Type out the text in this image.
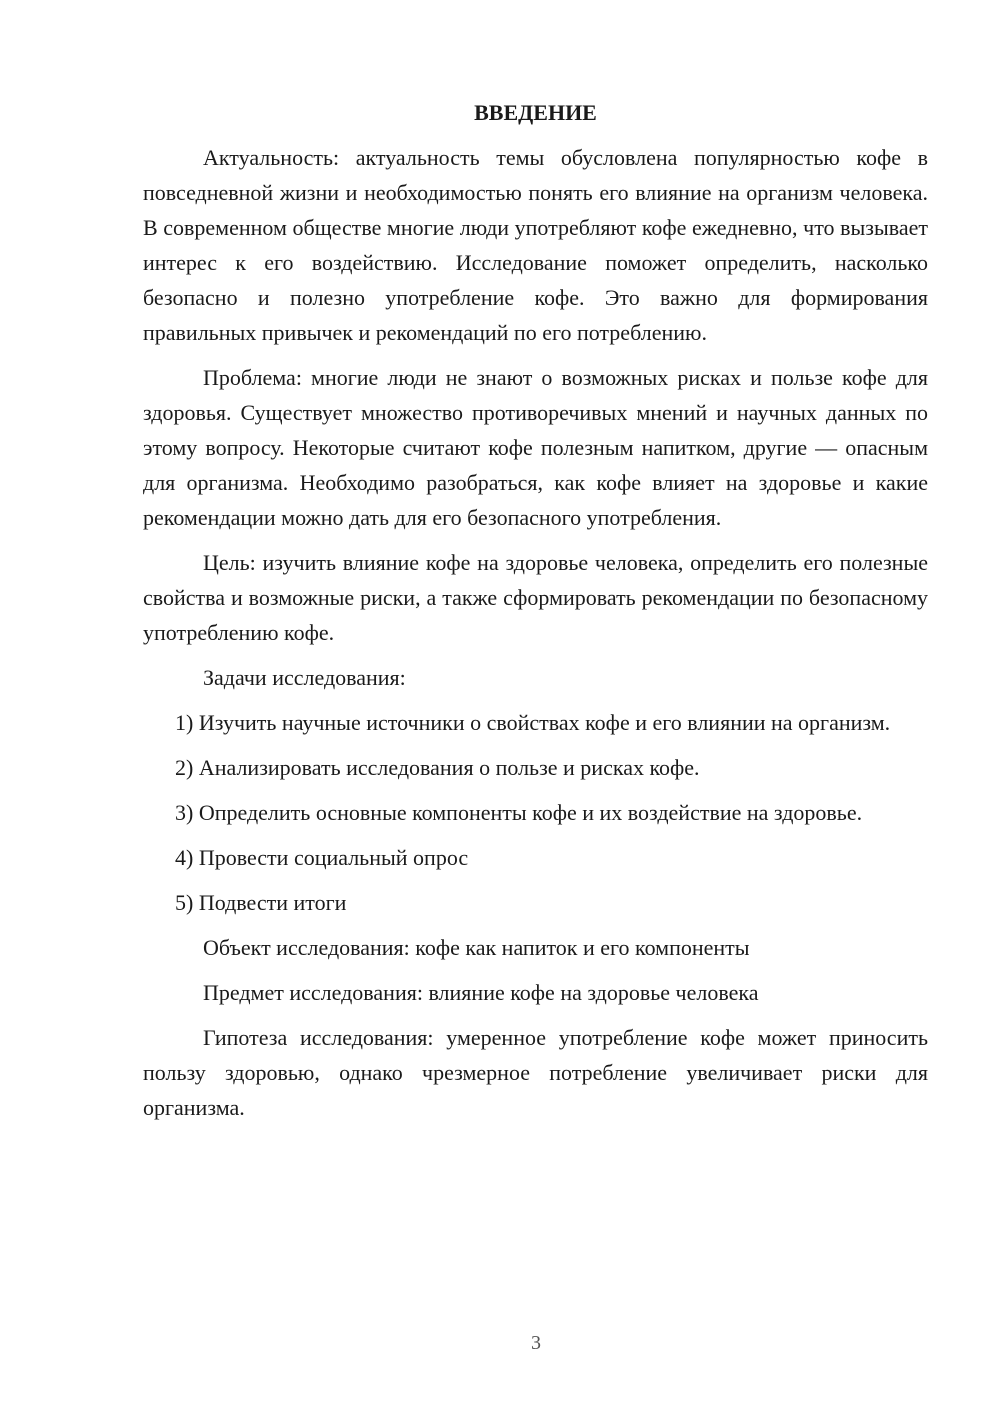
ВВЕДЕНИЕ

Актуальность: актуальность темы обусловлена популярностью кофе в повседневной жизни и необходимостью понять его влияние на организм человека. В современном обществе многие люди употребляют кофе ежедневно, что вызывает интерес к его воздействию. Исследование поможет определить, насколько безопасно и полезно употребление кофе. Это важно для формирования правильных привычек и рекомендаций по его потреблению.

Проблема: многие люди не знают о возможных рисках и пользе кофе для здоровья. Существует множество противоречивых мнений и научных данных по этому вопросу. Некоторые считают кофе полезным напитком, другие — опасным для организма. Необходимо разобраться, как кофе влияет на здоровье и какие рекомендации можно дать для его безопасного употребления.

Цель: изучить влияние кофе на здоровье человека, определить его полезные свойства и возможные риски, а также сформировать рекомендации по безопасному употреблению кофе.

Задачи исследования:

1) Изучить научные источники о свойствах кофе и его влиянии на организм.

2) Анализировать исследования о пользе и рисках кофе.

3) Определить основные компоненты кофе и их воздействие на здоровье.

4) Провести социальный опрос

5) Подвести итоги

Объект исследования: кофе как напиток и его компоненты

Предмет исследования: влияние кофе на здоровье человека

Гипотеза исследования: умеренное употребление кофе может приносить пользу здоровью, однако чрезмерное потребление увеличивает риски для организма.

3
